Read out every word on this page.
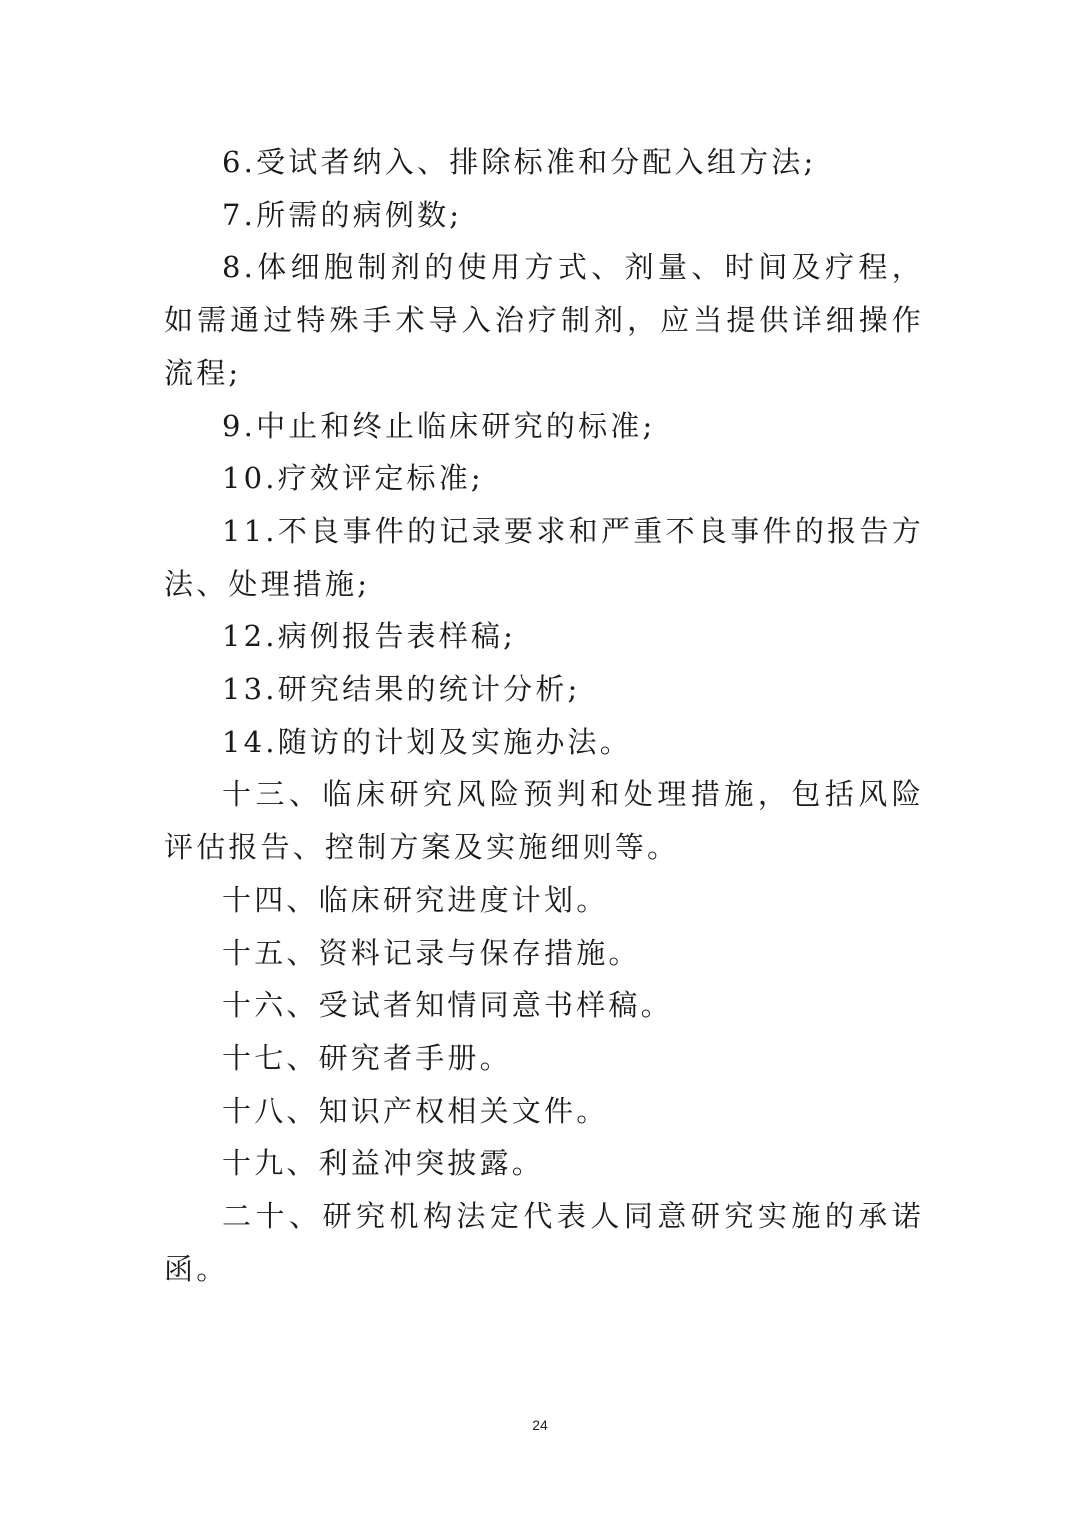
6.受试者纳入、排除标准和分配入组方法;

7.所需的病例数;

8.体细胞制剂的使用方式、剂量、时间及疗程，如需通过特殊手术导入治疗制剂，应当提供详细操作流程;

9.中止和终止临床研究的标准;

10.疗效评定标准;

11.不良事件的记录要求和严重不良事件的报告方法、处理措施;

12.病例报告表样稿;

13.研究结果的统计分析;

14.随访的计划及实施办法。

十三、临床研究风险预判和处理措施，包括风险评估报告、控制方案及实施细则等。

十四、临床研究进度计划。

十五、资料记录与保存措施。

十六、受试者知情同意书样稿。

十七、研究者手册。

十八、知识产权相关文件。

十九、利益冲突披露。

二十、研究机构法定代表人同意研究实施的承诺函。

24
